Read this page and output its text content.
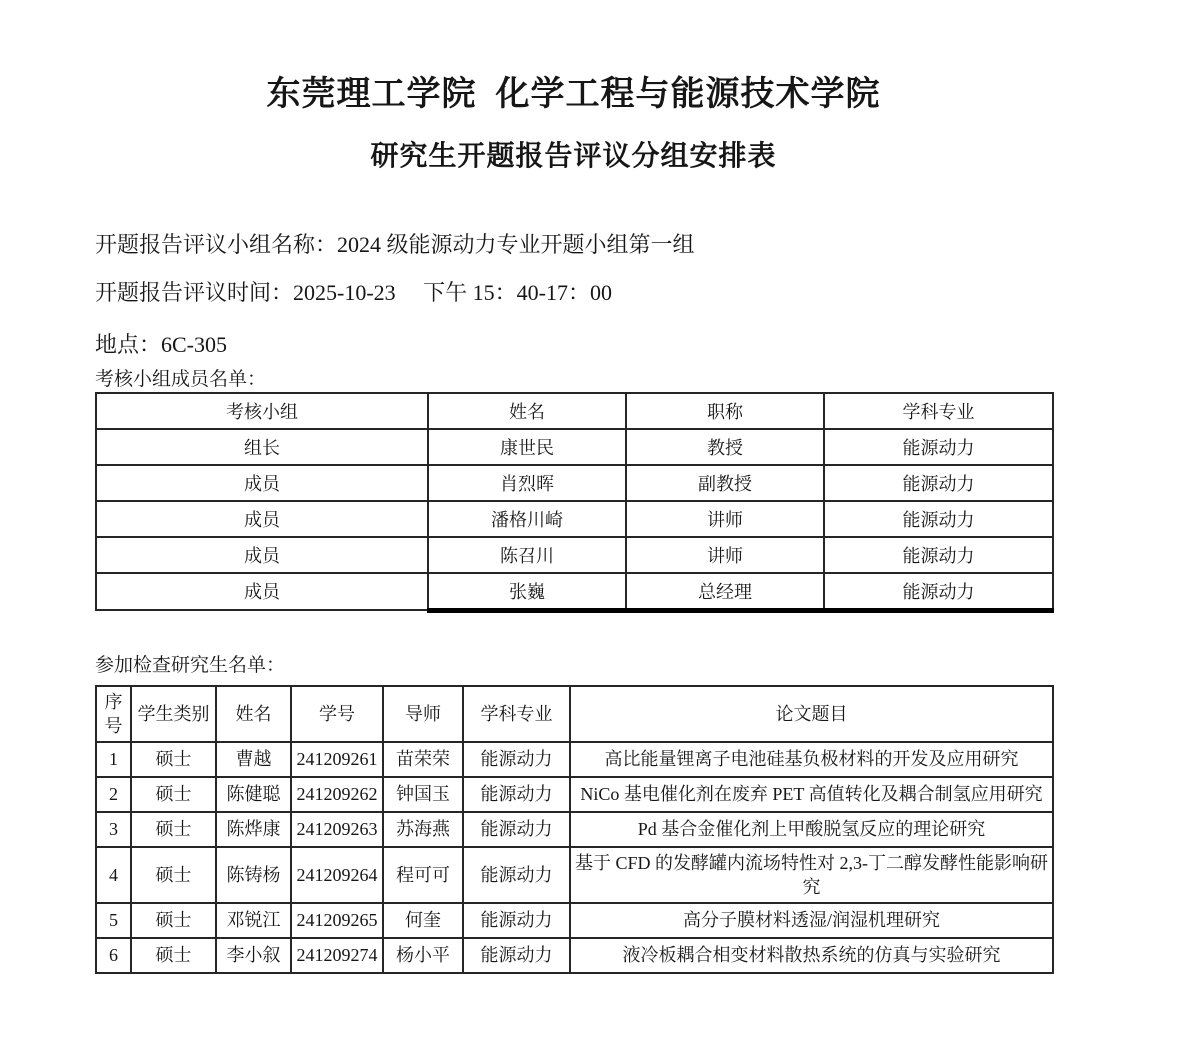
东莞理工学院  化学工程与能源技术学院
研究生开题报告评议分组安排表

开题报告评议小组名称：2024 级能源动力专业开题小组第一组

开题报告评议时间：2025-10-23     下午 15：40-17：00

地点：6C-305

考核小组成员名单：

考核小组	姓名	职称	学科专业
组长	康世民	教授	能源动力
成员	肖烈晖	副教授	能源动力
成员	潘格川崎	讲师	能源动力
成员	陈召川	讲师	能源动力
成员	张巍	总经理	能源动力

参加检查研究生名单：

序号	学生类别	姓名	学号	导师	学科专业	论文题目
1	硕士	曹越	241209261	苗荣荣	能源动力	高比能量锂离子电池硅基负极材料的开发及应用研究
2	硕士	陈健聪	241209262	钟国玉	能源动力	NiCo 基电催化剂在废弃 PET 高值转化及耦合制氢应用研究
3	硕士	陈烨康	241209263	苏海燕	能源动力	Pd 基合金催化剂上甲酸脱氢反应的理论研究
4	硕士	陈铸杨	241209264	程可可	能源动力	基于 CFD 的发酵罐内流场特性对 2,3-丁二醇发酵性能影响研究
5	硕士	邓锐江	241209265	何奎	能源动力	高分子膜材料透湿/润湿机理研究
6	硕士	李小叙	241209274	杨小平	能源动力	液冷板耦合相变材料散热系统的仿真与实验研究
